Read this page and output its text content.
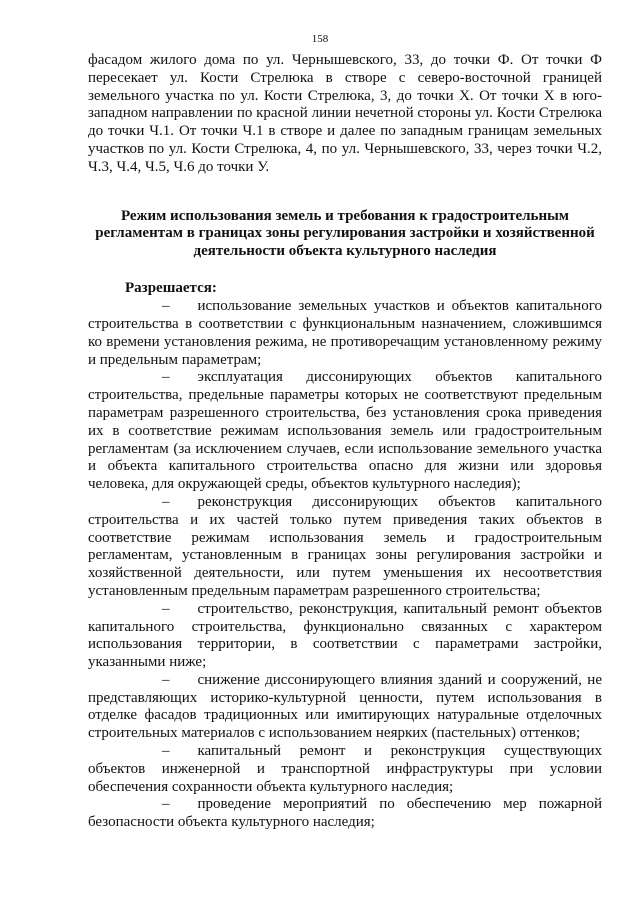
158

фасадом жилого дома по ул. Чернышевского, 33, до точки Ф. От точки Ф пересекает ул. Кости Стрелюка в створе с северо-восточной границей земельного участка по ул. Кости Стрелюка, 3, до точки Х. От точки Х в юго-западном направлении по красной линии нечетной стороны ул. Кости Стрелюка до точки Ч.1. От точки Ч.1 в створе и далее по западным границам земельных участков по ул. Кости Стрелюка, 4, по ул. Чернышевского, 33, через точки Ч.2, Ч.3, Ч.4, Ч.5, Ч.6 до точки У.

Режим использования земель и требования к градостроительным регламентам в границах зоны регулирования застройки и хозяйственной деятельности объекта культурного наследия

Разрешается:

– использование земельных участков и объектов капитального строительства в соответствии с функциональным назначением, сложившимся ко времени установления режима, не противоречащим установленному режиму и предельным параметрам;

– эксплуатация диссонирующих объектов капитального строительства, предельные параметры которых не соответствуют предельным параметрам разрешенного строительства, без установления срока приведения их в соответствие режимам использования земель или градостроительным регламентам (за исключением случаев, если использование земельного участка и объекта капитального строительства опасно для жизни или здоровья человека, для окружающей среды, объектов культурного наследия);

– реконструкция диссонирующих объектов капитального строительства и их частей только путем приведения таких объектов в соответствие режимам использования земель и градостроительным регламентам, установленным в границах зоны регулирования застройки и хозяйственной деятельности, или путем уменьшения их несоответствия установленным предельным параметрам разрешенного строительства;

– строительство, реконструкция, капитальный ремонт объектов капитального строительства, функционально связанных с характером использования территории, в соответствии с параметрами застройки, указанными ниже;

– снижение диссонирующего влияния зданий и сооружений, не представляющих историко-культурной ценности, путем использования в отделке фасадов традиционных или имитирующих натуральные отделочных строительных материалов с использованием неярких (пастельных) оттенков;

– капитальный ремонт и реконструкция существующих объектов инженерной и транспортной инфраструктуры при условии обеспечения сохранности объекта культурного наследия;

– проведение мероприятий по обеспечению мер пожарной безопасности объекта культурного наследия;
